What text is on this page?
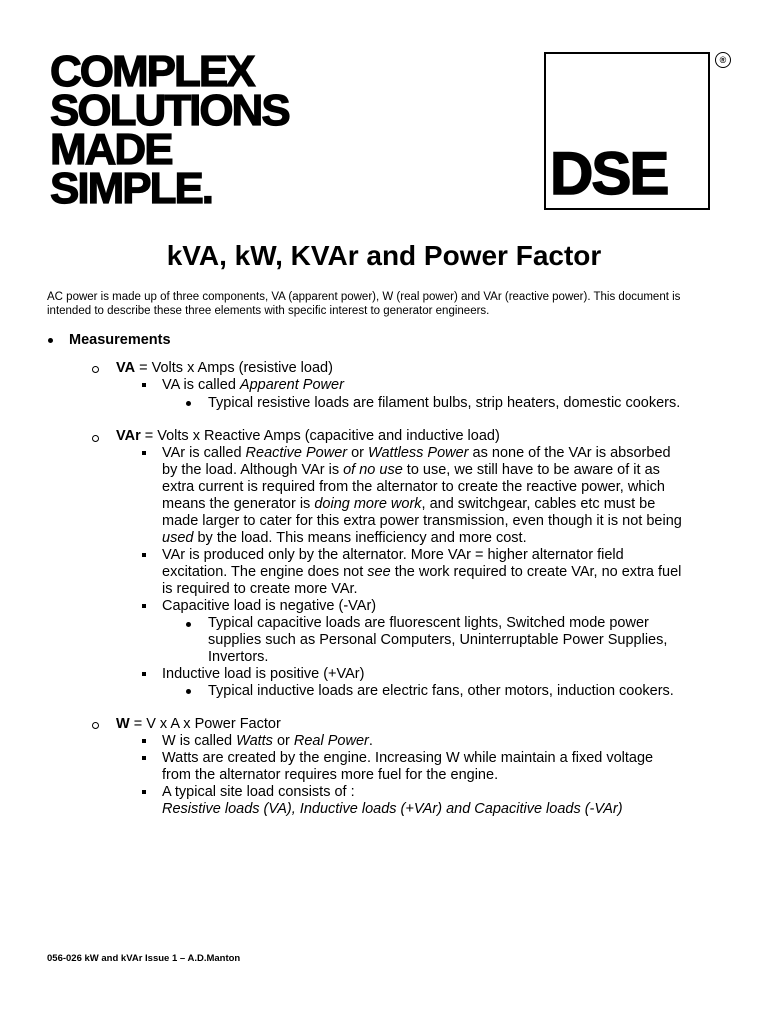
COMPLEX
SOLUTIONS
MADE
SIMPLE.	DSE
®
kVA, kW, KVAr and Power Factor
AC power is made up of three components, VA (apparent power), W (real power) and VAr (reactive power). This document is intended to describe these three elements with specific interest to generator engineers.
Measurements
VA = Volts x Amps (resistive load)
VA is called Apparent Power
Typical resistive loads are filament bulbs, strip heaters, domestic cookers.
VAr = Volts x Reactive Amps (capacitive and inductive load)
VAr is called Reactive Power or Wattless Power as none of the VAr is absorbed
by the load. Although VAr is of no use to use, we still have to be aware of it as
extra current is required from the alternator to create the reactive power, which
means the generator is doing more work, and switchgear, cables etc must be
made larger to cater for this extra power transmission, even though it is not being
used by the load. This means inefficiency and more cost.
VAr is produced only by the alternator. More VAr = higher alternator field
excitation. The engine does not see the work required to create VAr, no extra fuel
is required to create more VAr.
Capacitive load is negative (-VAr)
Typical capacitive loads are fluorescent lights, Switched mode power
supplies such as Personal Computers, Uninterruptable Power Supplies,
Invertors.
Inductive load is positive (+VAr)
Typical inductive loads are electric fans, other motors, induction cookers.
W = V x A x Power Factor
W is called Watts or Real Power.
Watts are created by the engine. Increasing W while maintain a fixed voltage
from the alternator requires more fuel for the engine.
A typical site load consists of :
Resistive loads (VA), Inductive loads (+VAr) and Capacitive loads (-VAr)
056-026 kW and kVAr Issue 1 – A.D.Manton
